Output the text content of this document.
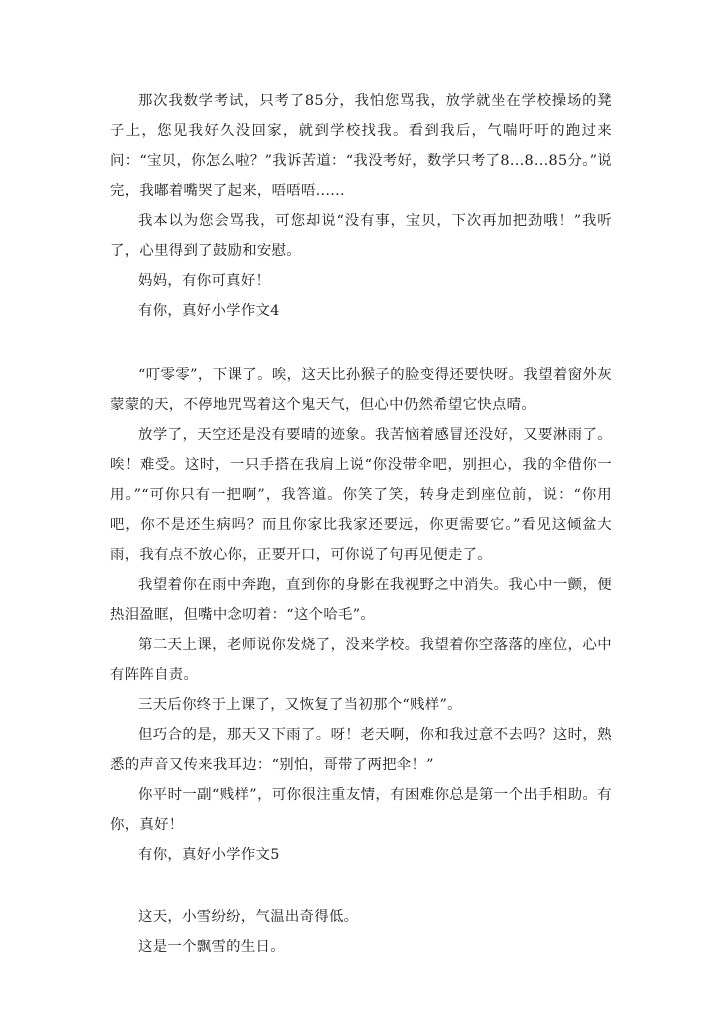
那次我数学考试，只考了85分，我怕您骂我，放学就坐在学校操场的凳子上，您见我好久没回家，就到学校找我。看到我后，气喘吁吁的跑过来问：“宝贝，你怎么啦？”我诉苦道：“我没考好，数学只考了8...8...85分。”说完，我嘟着嘴哭了起来，唔唔唔......

我本以为您会骂我，可您却说“没有事，宝贝，下次再加把劲哦！”我听了，心里得到了鼓励和安慰。

妈妈，有你可真好！

有你，真好小学作文4

“叮零零”，下课了。唉，这天比孙猴子的脸变得还要快呀。我望着窗外灰蒙蒙的天，不停地咒骂着这个鬼天气，但心中仍然希望它快点晴。

放学了，天空还是没有要晴的迹象。我苦恼着感冒还没好，又要淋雨了。唉！难受。这时，一只手搭在我肩上说“你没带伞吧，别担心，我的伞借你一用。”“可你只有一把啊”，我答道。你笑了笑，转身走到座位前，说：“你用吧，你不是还生病吗？而且你家比我家还要远，你更需要它。”看见这倾盆大雨，我有点不放心你，正要开口，可你说了句再见便走了。

我望着你在雨中奔跑，直到你的身影在我视野之中消失。我心中一颤，便热泪盈眶，但嘴中念叨着：“这个哈毛”。

第二天上课，老师说你发烧了，没来学校。我望着你空落落的座位，心中有阵阵自责。

三天后你终于上课了，又恢复了当初那个“贱样”。

但巧合的是，那天又下雨了。呀！老天啊，你和我过意不去吗？这时，熟悉的声音又传来我耳边：“别怕，哥带了两把伞！”

你平时一副“贱样”，可你很注重友情，有困难你总是第一个出手相助。有你，真好！

有你，真好小学作文5

这天，小雪纷纷，气温出奇得低。

这是一个飘雪的生日。
